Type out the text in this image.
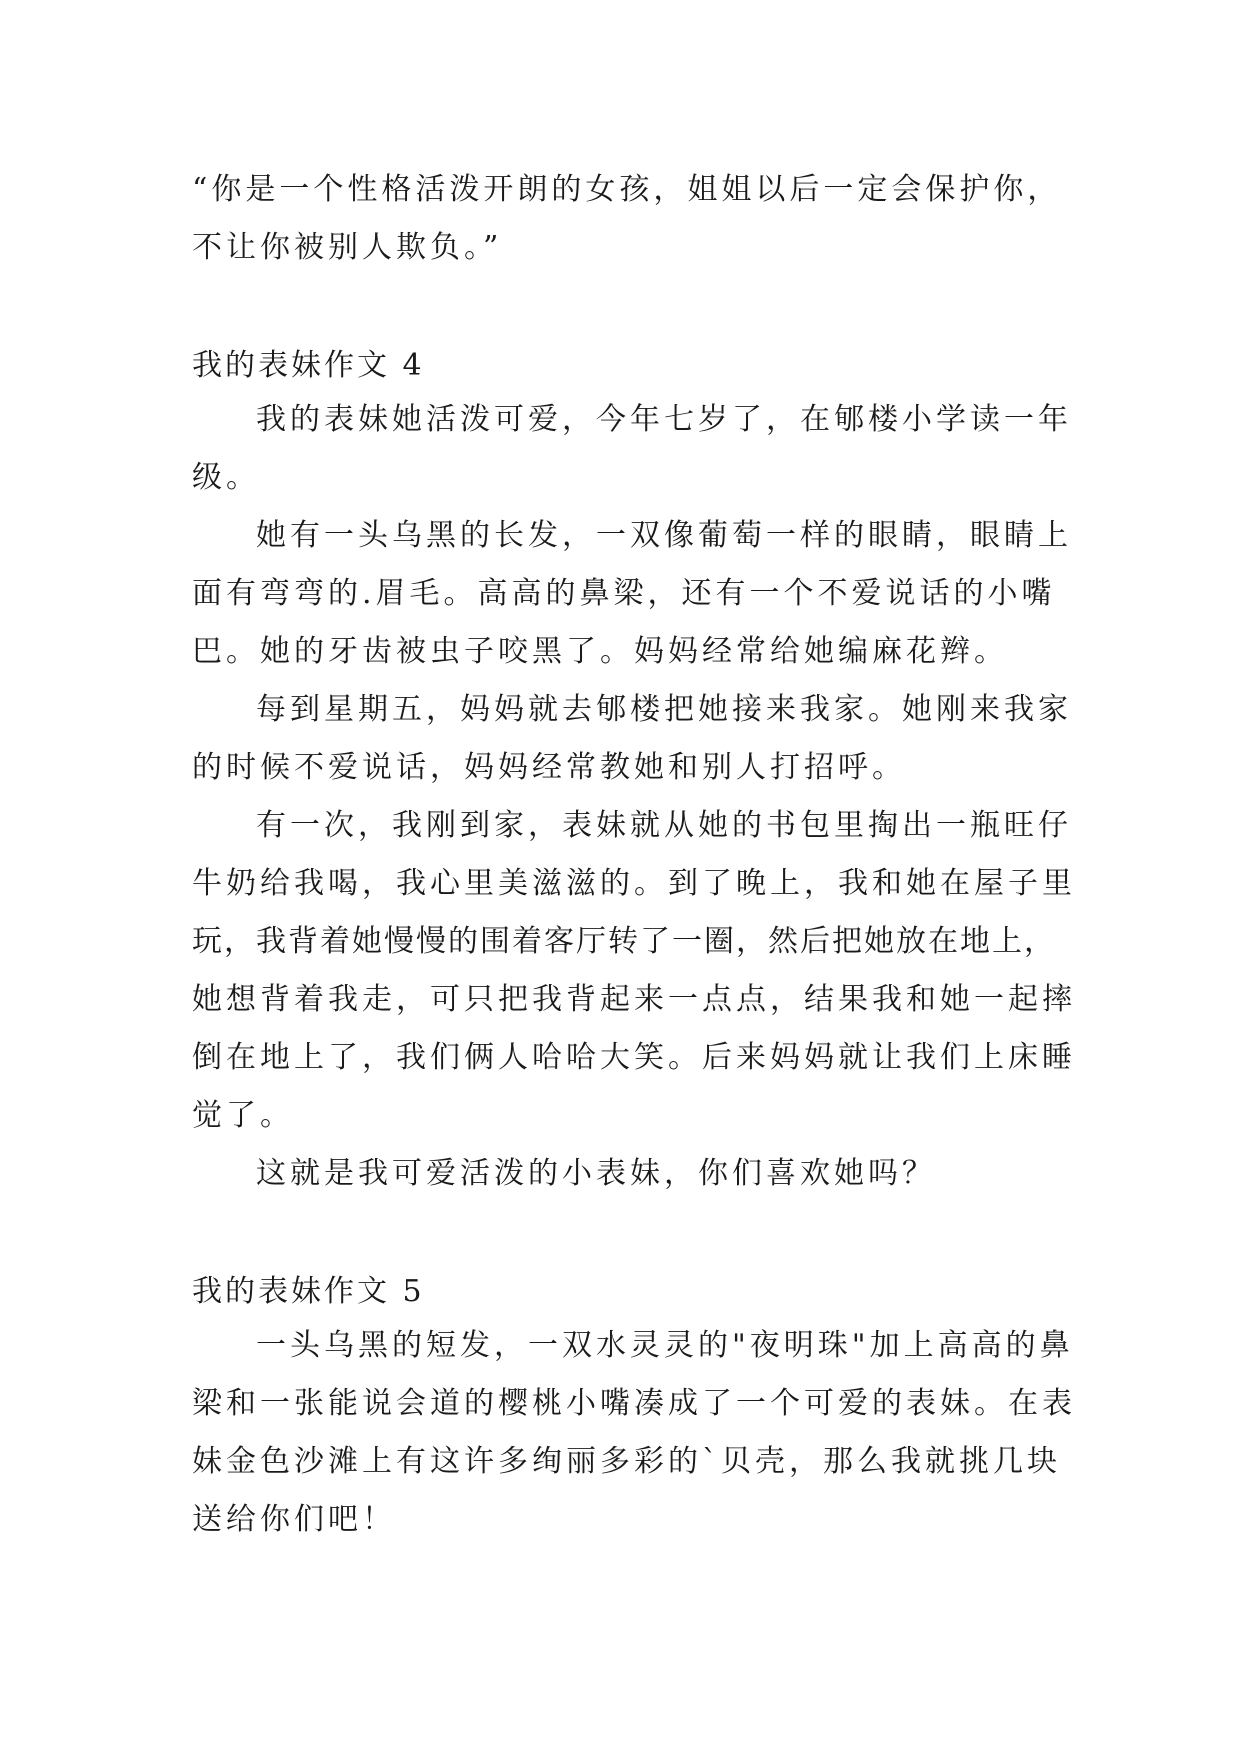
“你是一个性格活泼开朗的女孩，姐姐以后一定会保护你，
不让你被别人欺负。”
我的表妹作文 4
我的表妹她活泼可爱，今年七岁了，在郇楼小学读一年
级。
她有一头乌黑的长发，一双像葡萄一样的眼睛，眼睛上
面有弯弯的.眉毛。高高的鼻梁，还有一个不爱说话的小嘴
巴。她的牙齿被虫子咬黑了。妈妈经常给她编麻花辫。
每到星期五，妈妈就去郇楼把她接来我家。她刚来我家
的时候不爱说话，妈妈经常教她和别人打招呼。
有一次，我刚到家，表妹就从她的书包里掏出一瓶旺仔
牛奶给我喝，我心里美滋滋的。到了晚上，我和她在屋子里
玩，我背着她慢慢的围着客厅转了一圈，然后把她放在地上，
她想背着我走，可只把我背起来一点点，结果我和她一起摔
倒在地上了，我们俩人哈哈大笑。后来妈妈就让我们上床睡
觉了。
这就是我可爱活泼的小表妹，你们喜欢她吗？
我的表妹作文 5
一头乌黑的短发，一双水灵灵的"夜明珠"加上高高的鼻
梁和一张能说会道的樱桃小嘴凑成了一个可爱的表妹。在表
妹金色沙滩上有这许多绚丽多彩的`贝壳，那么我就挑几块
送给你们吧！
